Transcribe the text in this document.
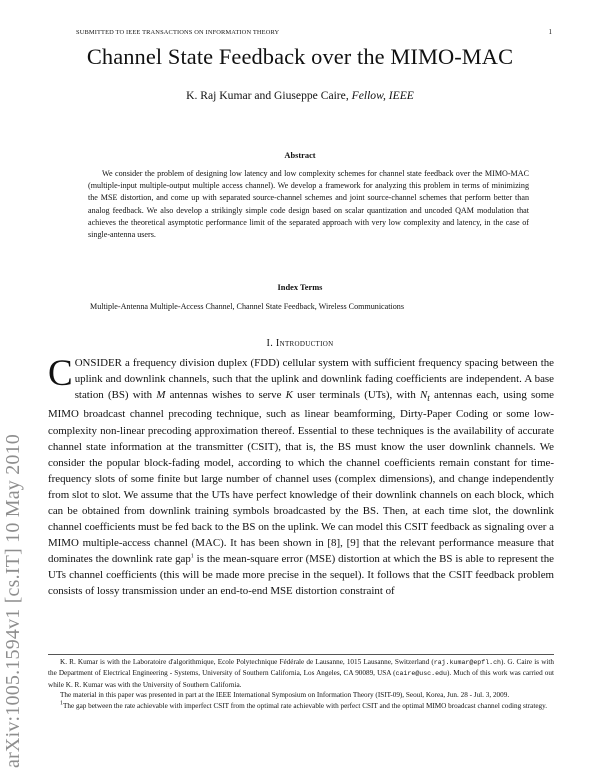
SUBMITTED TO IEEE TRANSACTIONS ON INFORMATION THEORY	1
arXiv:1005.1594v1 [cs.IT] 10 May 2010
Channel State Feedback over the MIMO-MAC
K. Raj Kumar and Giuseppe Caire, Fellow, IEEE
Abstract
We consider the problem of designing low latency and low complexity schemes for channel state feedback over the MIMO-MAC (multiple-input multiple-output multiple access channel). We develop a framework for analyzing this problem in terms of minimizing the MSE distortion, and come up with separated source-channel schemes and joint source-channel schemes that perform better than analog feedback. We also develop a strikingly simple code design based on scalar quantization and uncoded QAM modulation that achieves the theoretical asymptotic performance limit of the separated approach with very low complexity and latency, in the case of single-antenna users.
Index Terms
Multiple-Antenna Multiple-Access Channel, Channel State Feedback, Wireless Communications
I. Introduction
CONSIDER a frequency division duplex (FDD) cellular system with sufficient frequency spacing between the uplink and downlink channels, such that the uplink and downlink fading coefficients are independent. A base station (BS) with M antennas wishes to serve K user terminals (UTs), with $N_t$ antennas each, using some MIMO broadcast channel precoding technique, such as linear beamforming, Dirty-Paper Coding or some low-complexity non-linear precoding approximation thereof. Essential to these techniques is the availability of accurate channel state information at the transmitter (CSIT), that is, the BS must know the user downlink channels. We consider the popular block-fading model, according to which the channel coefficients remain constant for time-frequency slots of some finite but large number of channel uses (complex dimensions), and change independently from slot to slot. We assume that the UTs have perfect knowledge of their downlink channels on each block, which can be obtained from downlink training symbols broadcasted by the BS. Then, at each time slot, the downlink channel coefficients must be fed back to the BS on the uplink. We can model this CSIT feedback as signaling over a MIMO multiple-access channel (MAC). It has been shown in [8], [9] that the relevant performance measure that dominates the downlink rate gap$^1$ is the mean-square error (MSE) distortion at which the BS is able to represent the UTs channel coefficients (this will be made more precise in the sequel). It follows that the CSIT feedback problem consists of lossy transmission under an end-to-end MSE distortion constraint of

K. R. Kumar is with the Laboratoire d'algorithmique, Ecole Polytechnique Fédérale de Lausanne, 1015 Lausanne, Switzerland (raj.kumar@epfl.ch). G. Caire is with the Department of Electrical Engineering - Systems, University of Southern California, Los Angeles, CA 90089, USA (caire@usc.edu). Much of this work was carried out while K. R. Kumar was with the University of Southern California.

The material in this paper was presented in part at the IEEE International Symposium on Information Theory (ISIT-09), Seoul, Korea, Jun. 28 - Jul. 3, 2009.

$^1$The gap between the rate achievable with imperfect CSIT from the optimal rate achievable with perfect CSIT and the optimal MIMO broadcast channel coding strategy.
